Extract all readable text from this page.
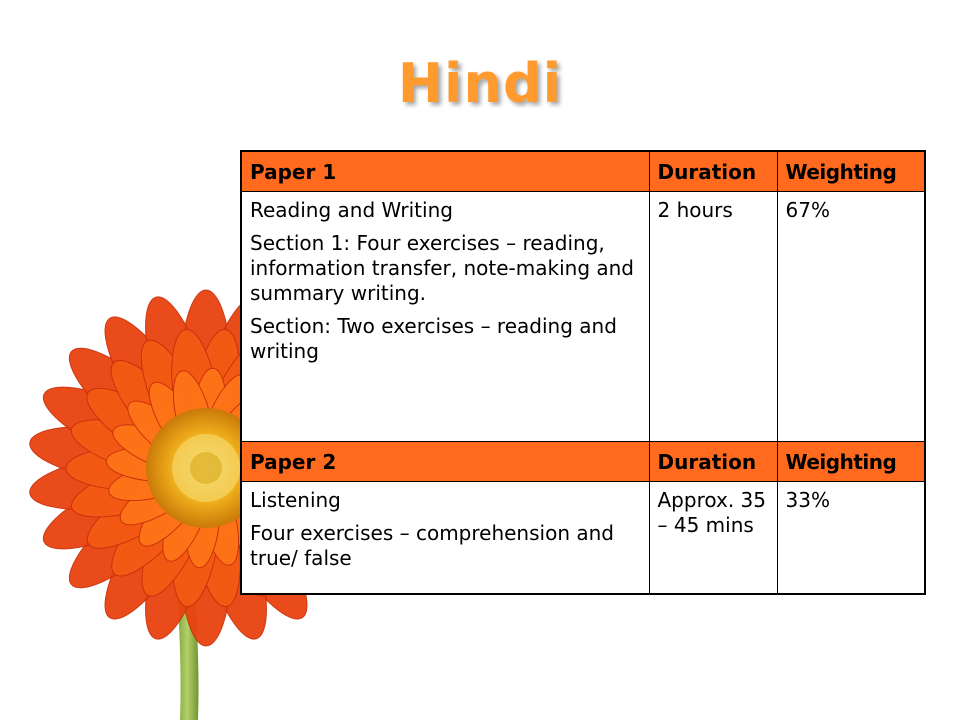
Hindi
Paper 1	Duration	Weighting

Reading and Writing

Section 1: Four exercises – reading, information transfer, note-making and summary writing.

Section: Two exercises – reading and writing	2 hours	67%
Paper 2	Duration	Weighting

Listening

Four exercises – comprehension and true/ false	Approx. 35 – 45 mins	33%
